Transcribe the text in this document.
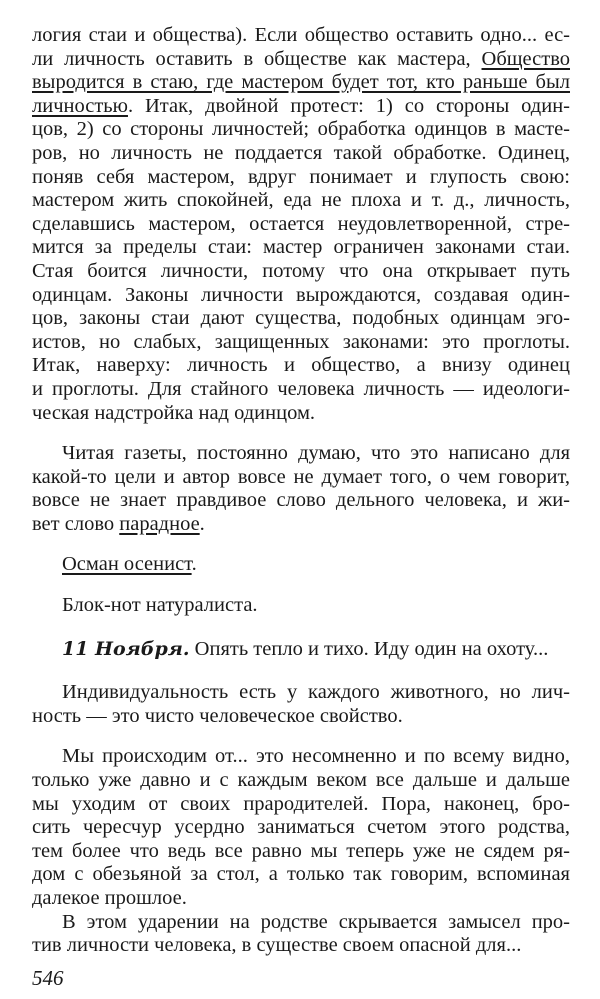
логия стаи и общества). Если общество оставить одно... ес-
ли личность оставить в обществе как мастера, Общество
выродится в стаю, где мастером будет тот, кто раньше был
личностью. Итак, двойной протест: 1) со стороны один-
цов, 2) со стороны личностей; обработка одинцов в масте-
ров, но личность не поддается такой обработке. Одинец,
поняв себя мастером, вдруг понимает и глупость свою:
мастером жить спокойней, еда не плоха и т. д., личность,
сделавшись мастером, остается неудовлетворенной, стре-
мится за пределы стаи: мастер ограничен законами стаи.
Стая боится личности, потому что она открывает путь
одинцам. Законы личности вырождаются, создавая один-
цов, законы стаи дают существа, подобных одинцам эго-
истов, но слабых, защищенных законами: это проглоты.
Итак, наверху: личность и общество, а внизу одинец
и проглоты. Для стайного человека личность — идеологи-
ческая надстройка над одинцом.
Читая газеты, постоянно думаю, что это написано для
какой-то цели и автор вовсе не думает того, о чем говорит,
вовсе не знает правдивое слово дельного человека, и жи-
вет слово парадное.
Осман осенист.
Блок-нот натуралиста.
11 Ноября. Опять тепло и тихо. Иду один на охоту...
Индивидуальность есть у каждого животного, но лич-
ность — это чисто человеческое свойство.
Мы происходим от... это несомненно и по всему видно,
только уже давно и с каждым веком все дальше и дальше
мы уходим от своих прародителей. Пора, наконец, бро-
сить чересчур усердно заниматься счетом этого родства,
тем более что ведь все равно мы теперь уже не сядем ря-
дом с обезьяной за стол, а только так говорим, вспоминая
далекое прошлое.
В этом ударении на родстве скрывается замысел про-
тив личности человека, в существе своем опасной для...
546
